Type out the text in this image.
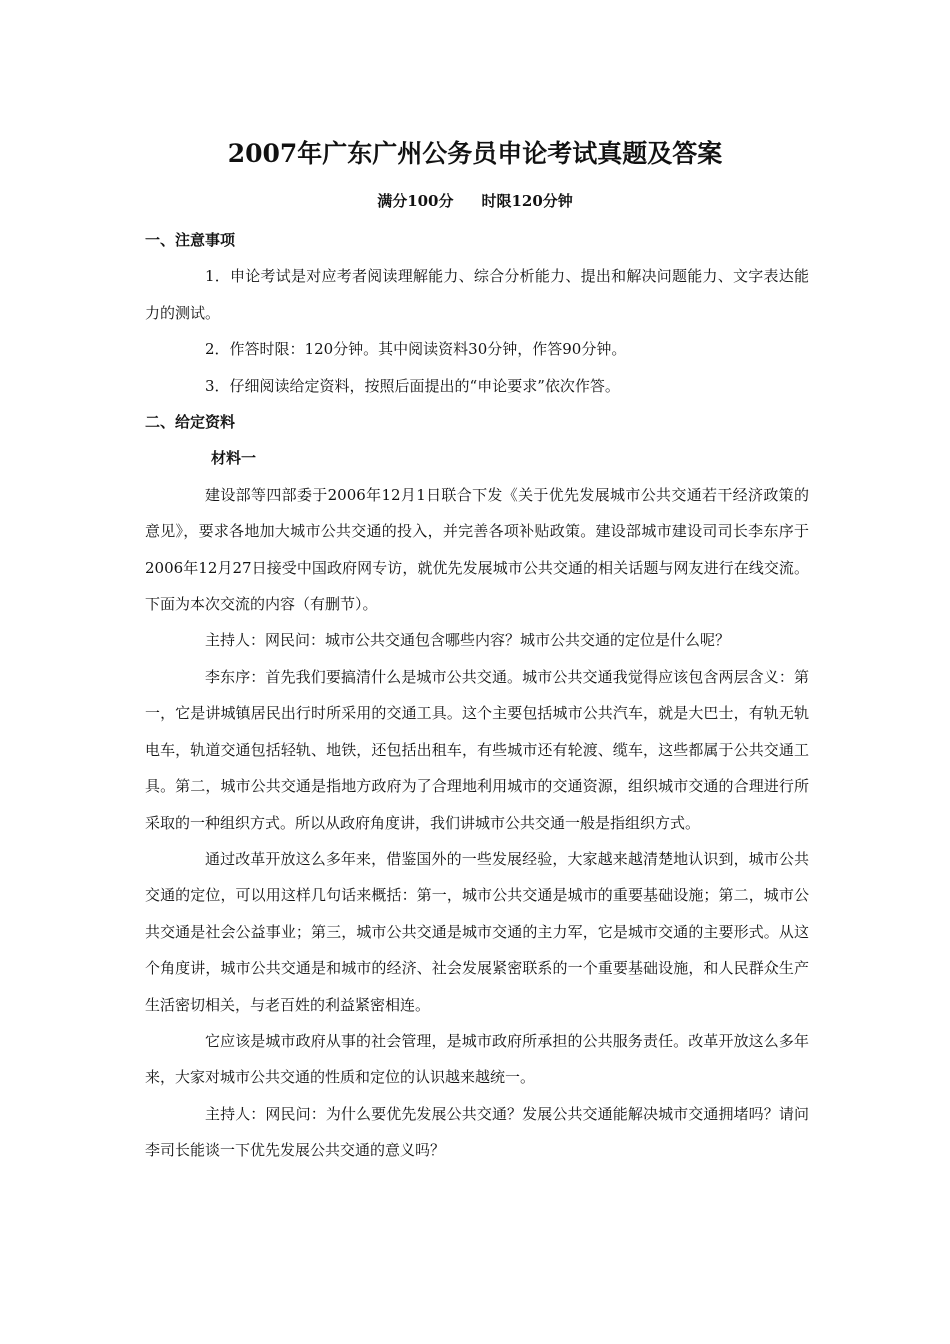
2007年广东广州公务员申论考试真题及答案
满分100分 时限120分钟

一、注意事项

1．申论考试是对应考者阅读理解能力、综合分析能力、提出和解决问题能力、文字表达能力的测试。

2．作答时限：120分钟。其中阅读资料30分钟，作答90分钟。

3．仔细阅读给定资料，按照后面提出的“申论要求”依次作答。

二、给定资料

材料一

建设部等四部委于2006年12月1日联合下发《关于优先发展城市公共交通若干经济政策的意见》，要求各地加大城市公共交通的投入，并完善各项补贴政策。建设部城市建设司司长李东序于2006年12月27日接受中国政府网专访，就优先发展城市公共交通的相关话题与网友进行在线交流。下面为本次交流的内容（有删节）。

主持人：网民问：城市公共交通包含哪些内容？城市公共交通的定位是什么呢？

李东序：首先我们要搞清什么是城市公共交通。城市公共交通我觉得应该包含两层含义：第一，它是讲城镇居民出行时所采用的交通工具。这个主要包括城市公共汽车，就是大巴士，有轨无轨电车，轨道交通包括轻轨、地铁，还包括出租车，有些城市还有轮渡、缆车，这些都属于公共交通工具。第二，城市公共交通是指地方政府为了合理地利用城市的交通资源，组织城市交通的合理进行所采取的一种组织方式。所以从政府角度讲，我们讲城市公共交通一般是指组织方式。

通过改革开放这么多年来，借鉴国外的一些发展经验，大家越来越清楚地认识到，城市公共交通的定位，可以用这样几句话来概括：第一，城市公共交通是城市的重要基础设施；第二，城市公共交通是社会公益事业；第三，城市公共交通是城市交通的主力军，它是城市交通的主要形式。从这个角度讲，城市公共交通是和城市的经济、社会发展紧密联系的一个重要基础设施，和人民群众生产生活密切相关，与老百姓的利益紧密相连。

它应该是城市政府从事的社会管理，是城市政府所承担的公共服务责任。改革开放这么多年来，大家对城市公共交通的性质和定位的认识越来越统一。

主持人：网民问：为什么要优先发展公共交通？发展公共交通能解决城市交通拥堵吗？请问李司长能谈一下优先发展公共交通的意义吗？
